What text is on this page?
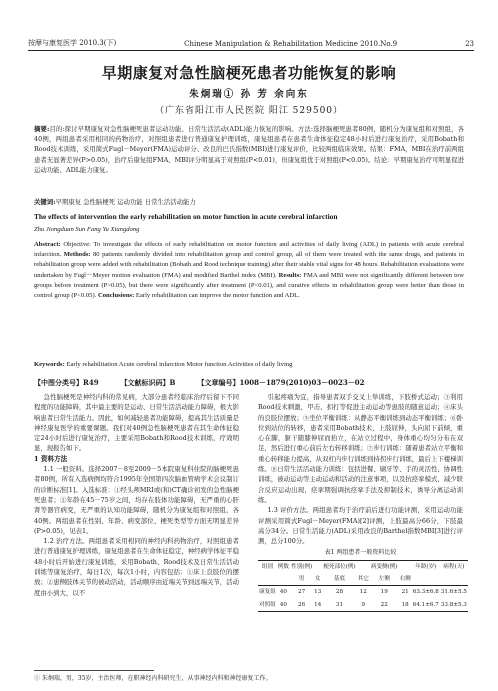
按摩与康复医学 2010.3(下)	Chinese Manipulation & Rehabilitation Medicine 2010.No.9	23
早期康复对急性脑梗死患者功能恢复的影响
朱炯瑞① 孙 芳 余向东
（广东省阳江市人民医院 阳江 529500）
摘要:目的:探讨早期康复对急性脑梗死患者运动功能、日常生活活动(ADL)能力恢复的影响。方法:选择脑梗死患者80例，随机分为康复组和对照组，各40例，两组患者采用相同的药物治疗，对照组患者进行普通康复护理训练，康复组患者在患者生命体征稳定48小时后进行康复治疗，采用Bobath和Rood技术训练，采用简式Fugl－Meyer(FMA)运动评分、改良的巴氏指数(MBI)进行康复评价，比较两组临床效果。结果：FMA，MBI在治疗前两组患者无显著差异(P>0.05)，治疗后康复组FMA、MBI评分明显高于对照组(P<0.01)，但康复组优于对照组(P<0.05)。结论：早期康复治疗可明显促进运动功能、ADL能力康复。
关键词:早期康复 急性脑梗死 运动功能 日常生活活动能力
The effects of intervention the early rehabilitation on motor function in acute cerebral infarction
Zhu Jiongduan Sun Fang Yu Xiangdong
Abstract: Objective: To investigate the effects of early rehabilitation on motor function and activities of daily living (ADL) in patients with acute cerebral infarction. Methods: 80 patients randomly divided into rehabilitation group and control group, all of them were treated with the same drugs, and patients in rehabilitation group were added with rehabilitation (Bobath and Rood technique training) after their stable vital signs for 48 hours. Rehabilitation evaluations were undertaken by Fugl－Meyer motion evaluation (FMA) and modified Barthel index (MBI). Results: FMA and MBI were not significantly different between tow groups before treatment (P>0.05), but there were significantly after treatment (P<0.01), and curative effects in rehabilitation group were better than those in control group (P<0.05). Conclusions: Early rehabilitation can improve the motor function and ADL.
Keywords: Early rehabilitation Acute cerebral infarction Motor function Activities of daily living
【中图分类号】R49	【文献标识码】B	【文章编号】1008－1879(2010)03－0023－02

急性脑梗死是神经内科的常见病，大部分患者经临床治疗后留下不同程度的功能障碍，其中最主要的是运动、日常生活活动能力障碍，极大影响患者日常生活能力。因此，如何减轻患者功能障碍，提高其生活质量是神经康复医学的重要课题。我们对40例急性脑梗死患者在其生命体征稳定24小时后进行康复治疗，主要采用Bobath和Rood技术训练，疗效明显，现报告如下。

1 资料方法

1.1 一般资料。选择2007－8至2009－5本院康复科住院的脑梗死患者80例，所有入选病例均符合1995年全国第四次脑血管病学术会议制订的诊断标准[1]。入选标准：①经头颅MRI或(和)CT确诊初发的急性脑梗死患者；②年龄在45－75岁之间，均存在肢体功能障碍，无严重的心肝肾等器官病变，无严重的认知功能障碍，随机分为康复组和对照组，各40例。两组患者在性别、年龄、病变部位、梗死类型等方面无明显差异(P>0.05)，见表1。

1.2 治疗方法。两组患者采用相同的神经内科药物治疗，对照组患者进行普通康复护理训练，康复组患者在生命体征稳定，神经病学体征平稳48小时后开始进行康复训练，采用Bobath、Rood技术及日常生活活动训练等康复治疗，每日1次，每次1小时，内容包括：①床上良肢位的摆放；②患侧肢体关节的被动活动，活动顺序由近端关节到远端关节，活动度由小到大，以不

引起疼痛为宜，指导患者双手交叉上举训练，下肢桥式运动；③利用Rood技术刺激，甲击、扣打等促进主动运动等患肢的随意运动；④床头的良肢位摆放；⑤坐位平衡训练：从静态平衡训练到动态平衡训练；⑥卧位到站位的转移，患者采用Bobath技术，上肢屈伸，头向屈下前倾，重心在脚，躯干随膝伸屈而抬立，在站立过程中，身体重心均匀分布在双足，然后进行重心前后左右转移训练；⑦步行训练：随着患者站立平衡和重心转移能力提高，从双杠内步行训练到持拐步行训练，最后上下楼梯训练。⑧日常生活活动能力训练：包括进餐、刷牙等、手的灵活性、协调性训练，被动运动等主动运动和活动的注意事项，以及抗痉挛模式、减少联合反应运动出现，痉挛期强调抗痉挛手法及抑制技术，诱导分离运动训练。

1.3 评价方法。两组患者均于治疗前后进行功能评测，采用运动功能评测采用简式Fugl－Meyer(FMA)[2]评测，上肢最高分66分，下肢最高分34分。日常生活能力(ADL)采用改良的Barthel指数MBI[3]进行评测，总分100分。

表1 两组患者一般资料比较
组别	例数	性别(例)		梗死部位(例)		病变侧(例)		年龄(岁)	病程(天)
		男	女	基底	其它	左侧	右侧		
康复组	40	27	13	28	12	19	21	63.3±6.8	31.6±5.5
对照组	40	26	14	31	9	22	18	64.1±6.7	33.8±5.3
① 朱炯瑞，男，35岁，主治医师，在职神经内科研究生，从事神经内科和神经康复工作。
